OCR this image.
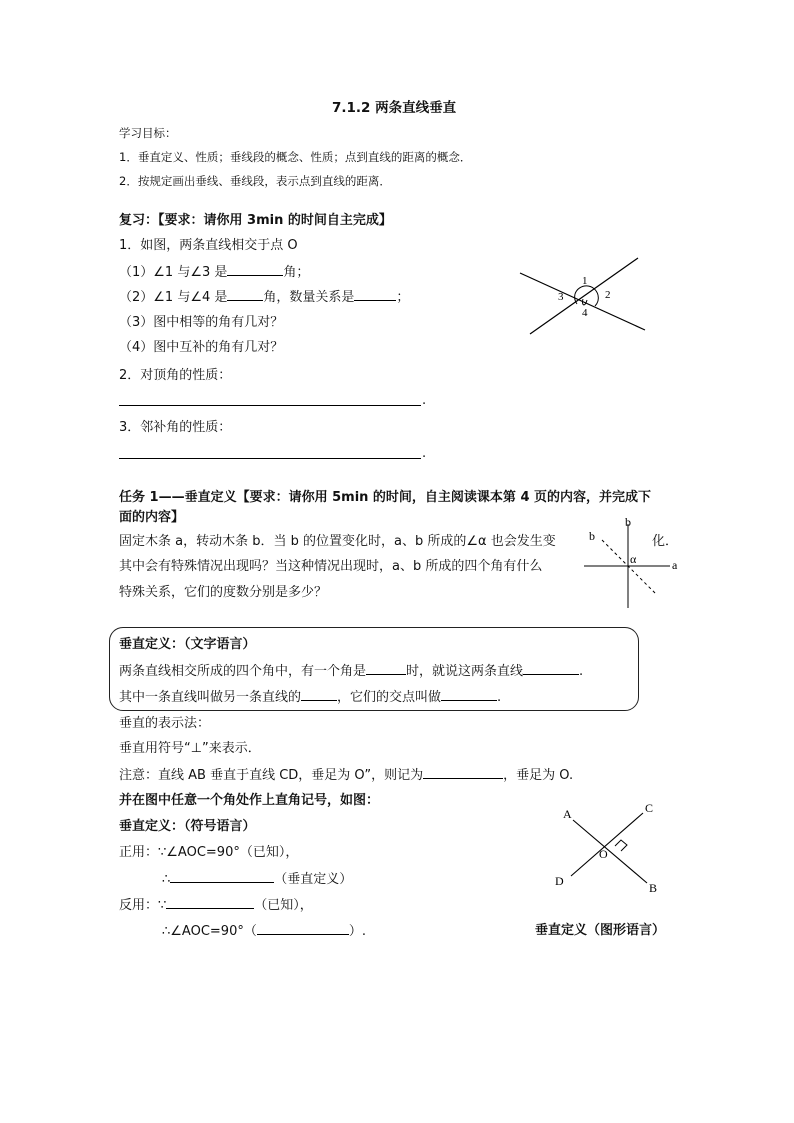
7.1.2 两条直线垂直
学习目标：
1．垂直定义、性质；垂线段的概念、性质；点到直线的距离的概念．
2．按规定画出垂线、垂线段，表示点到直线的距离．
复习：【要求：请你用 3min 的时间自主完成】
1．如图，两条直线相交于点 O
（1）∠1 与∠3 是	角；
（2）∠1 与∠4 是	角，数量关系是	；
（3）图中相等的角有几对？
（4）图中互补的角有几对？
2．对顶角的性质：
.
3．邻补角的性质：
.
1
2
3
4
任务 1——垂直定义【要求：请你用 5min 的时间，自主阅读课本第 4 页的内容，并完成下
面的内容】
固定木条 a，转动木条 b．当 b 的位置变化时，a、b 所成的∠α 也会发生变	化．
其中会有特殊情况出现吗？当这种情况出现时，a、b 所成的四个角有什么
特殊关系，它们的度数分别是多少？
b
b
α	a
垂直定义：（文字语言）
两条直线相交所成的四个角中，有一个角是	时，就说这两条直线	.
其中一条直线叫做另一条直线的	，它们的交点叫做	.
垂直的表示法：
垂直用符号“⊥”来表示．
注意：直线 AB 垂直于直线 CD，垂足为 O”，则记为	，垂足为 O.
并在图中任意一个角处作上直角记号，如图：
垂直定义：（符号语言）
正用：∵∠AOC=90°（已知），
∴	（垂直定义）
反用：∵	（已知），
∴∠AOC=90°（	）.
A	C
O
D	B
垂直定义（图形语言）
